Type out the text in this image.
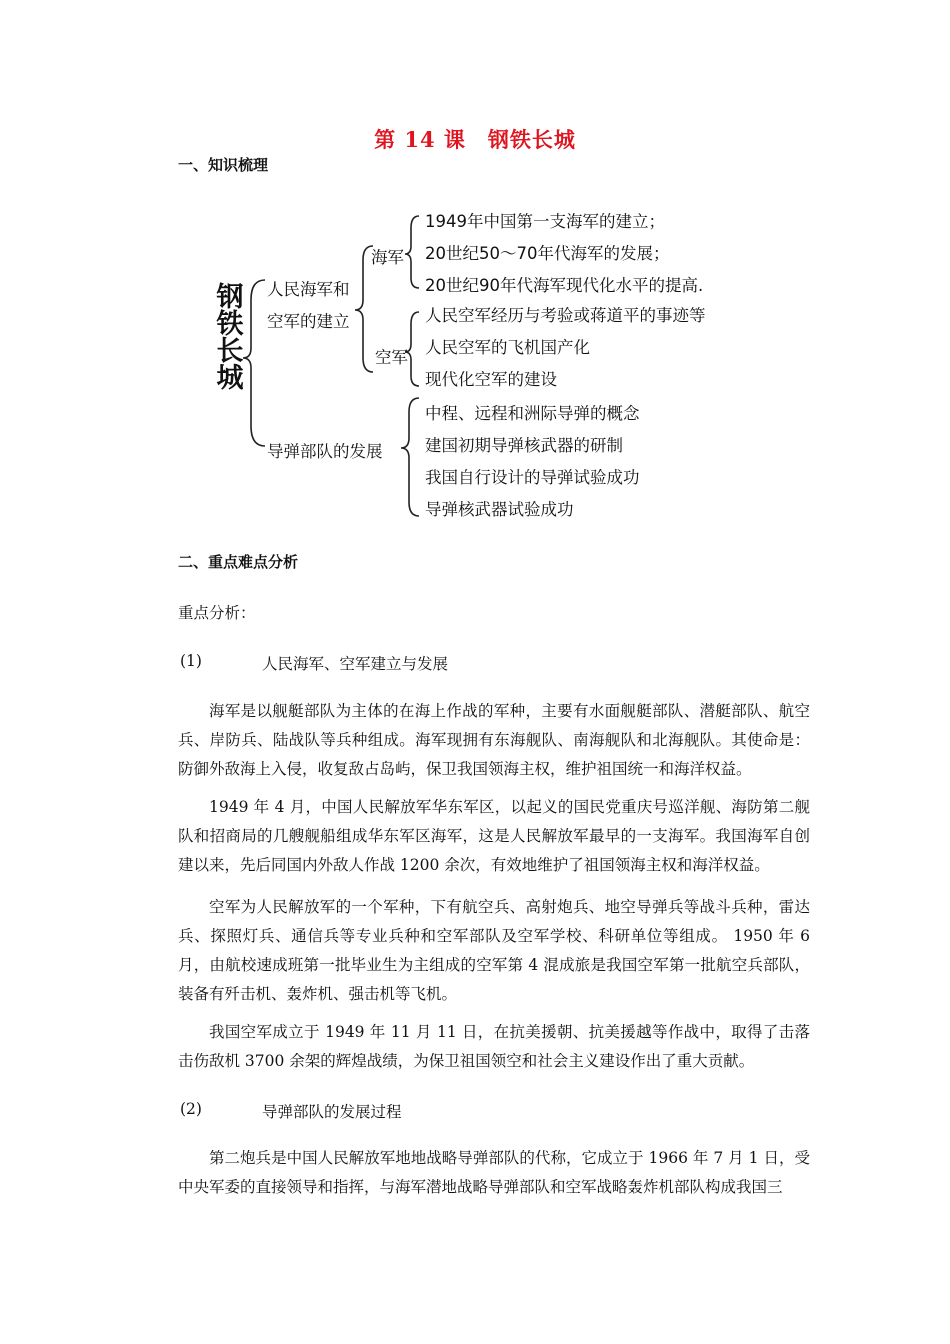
第 14 课　钢铁长城
一、知识梳理
钢
铁
长
城
人民海军和
空军的建立
海军
1949年中国第一支海军的建立；
20世纪50～70年代海军的发展；
20世纪90年代海军现代化水平的提高.
空军
人民空军经历与考验或蒋道平的事迹等
人民空军的飞机国产化
现代化空军的建设
导弹部队的发展
中程、远程和洲际导弹的概念
建国初期导弹核武器的研制
我国自行设计的导弹试验成功
导弹核武器试验成功
二、重点难点分析
重点分析：
(1)	人民海军、空军建立与发展

海军是以舰艇部队为主体的在海上作战的军种，主要有水面舰艇部队、潜艇部队、航空兵、岸防兵、陆战队等兵种组成。海军现拥有东海舰队、南海舰队和北海舰队。其使命是：防御外敌海上入侵，收复敌占岛屿，保卫我国领海主权，维护祖国统一和海洋权益。

1949 年 4 月，中国人民解放军华东军区，以起义的国民党重庆号巡洋舰、海防第二舰队和招商局的几艘舰船组成华东军区海军，这是人民解放军最早的一支海军。我国海军自创建以来，先后同国内外敌人作战 1200 余次，有效地维护了祖国领海主权和海洋权益。

空军为人民解放军的一个军种，下有航空兵、高射炮兵、地空导弹兵等战斗兵种，雷达兵、探照灯兵、通信兵等专业兵种和空军部队及空军学校、科研单位等组成。 1950 年 6 月，由航校速成班第一批毕业生为主组成的空军第 4 混成旅是我国空军第一批航空兵部队，装备有歼击机、轰炸机、强击机等飞机。

我国空军成立于 1949 年 11 月 11 日，在抗美援朝、抗美援越等作战中，取得了击落击伤敌机 3700 余架的辉煌战绩，为保卫祖国领空和社会主义建设作出了重大贡献。

(2)	导弹部队的发展过程

第二炮兵是中国人民解放军地地战略导弹部队的代称，它成立于 1966 年 7 月 1 日，受中央军委的直接领导和指挥，与海军潜地战略导弹部队和空军战略轰炸机部队构成我国三
